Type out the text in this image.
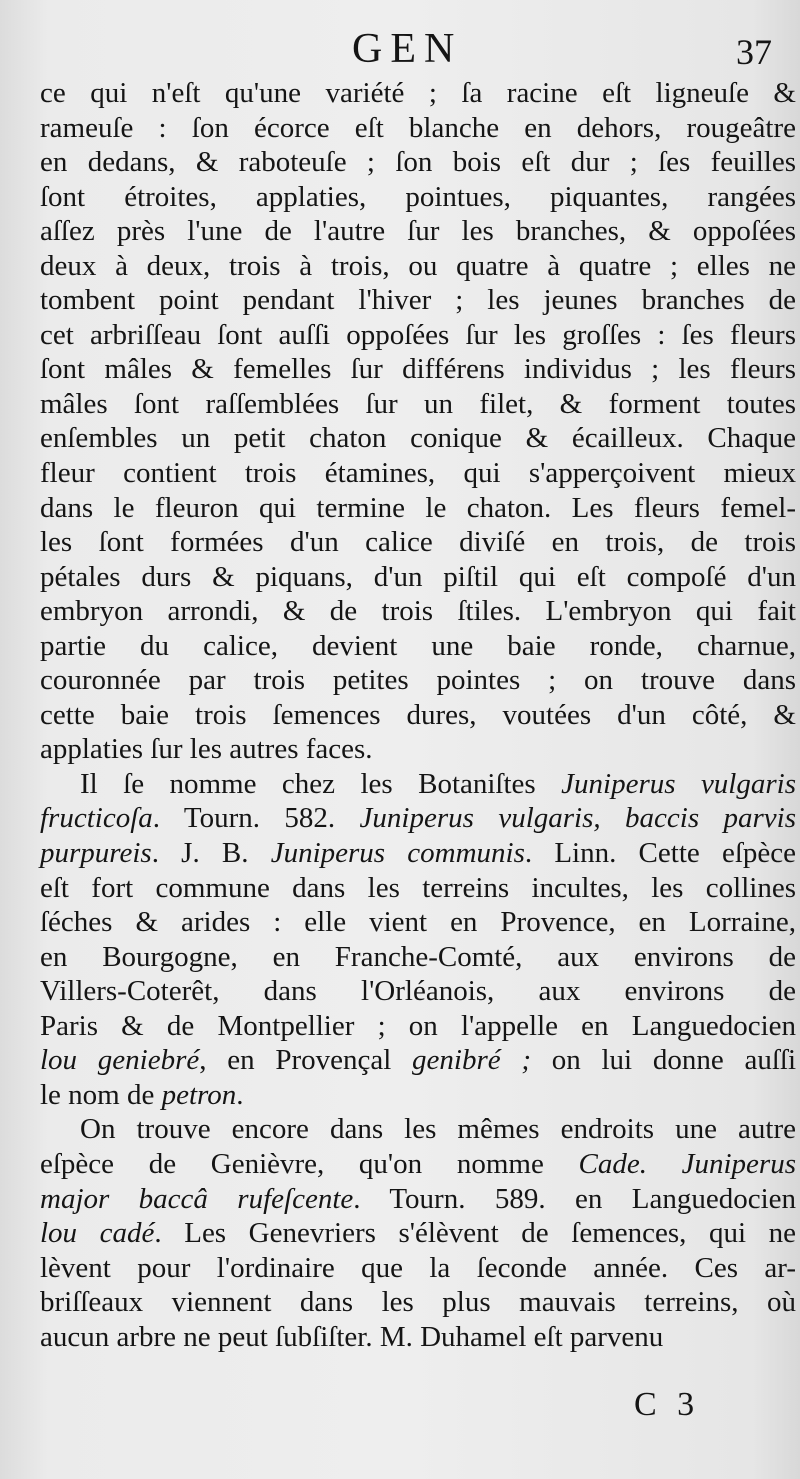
GEN	37
ce qui n'eſt qu'une variété ; ſa racine eſt ligneuſe &
rameuſe : ſon écorce eſt blanche en dehors, rougeâtre
en dedans, & raboteuſe ; ſon bois eſt dur ; ſes feuilles
ſont étroites, applaties, pointues, piquantes, rangées
aſſez près l'une de l'autre ſur les branches, & oppoſées
deux à deux, trois à trois, ou quatre à quatre ; elles ne
tombent point pendant l'hiver ; les jeunes branches de
cet arbriſſeau ſont auſſi oppoſées ſur les groſſes : ſes fleurs
ſont mâles & femelles ſur différens individus ; les fleurs
mâles ſont raſſemblées ſur un filet, & forment toutes
enſembles un petit chaton conique & écailleux. Chaque
fleur contient trois étamines, qui s'apperçoivent mieux
dans le fleuron qui termine le chaton. Les fleurs femel-
les ſont formées d'un calice diviſé en trois, de trois
pétales durs & piquans, d'un piſtil qui eſt compoſé d'un
embryon arrondi, & de trois ſtiles. L'embryon qui fait
partie du calice, devient une baie ronde, charnue,
couronnée par trois petites pointes ; on trouve dans
cette baie trois ſemences dures, voutées d'un côté, &
applaties ſur les autres faces.
Il ſe nomme chez les Botaniſtes Juniperus vulgaris
fructicoſa. Tourn. 582. Juniperus vulgaris, baccis parvis
purpureis. J. B. Juniperus communis. Linn. Cette eſpèce
eſt fort commune dans les terreins incultes, les collines
ſéches & arides : elle vient en Provence, en Lorraine,
en Bourgogne, en Franche-Comté, aux environs de
Villers-Coterêt, dans l'Orléanois, aux environs de
Paris & de Montpellier ; on l'appelle en Languedocien
lou geniebré, en Provençal genibré ; on lui donne auſſi
le nom de petron.
On trouve encore dans les mêmes endroits une autre
eſpèce de Genièvre, qu'on nomme Cade. Juniperus
major baccâ rufeſcente. Tourn. 589. en Languedocien
lou cadé. Les Genevriers s'élèvent de ſemences, qui ne
lèvent pour l'ordinaire que la ſeconde année. Ces ar-
briſſeaux viennent dans les plus mauvais terreins, où
aucun arbre ne peut ſubſiſter. M. Duhamel eſt parvenu
C 3
